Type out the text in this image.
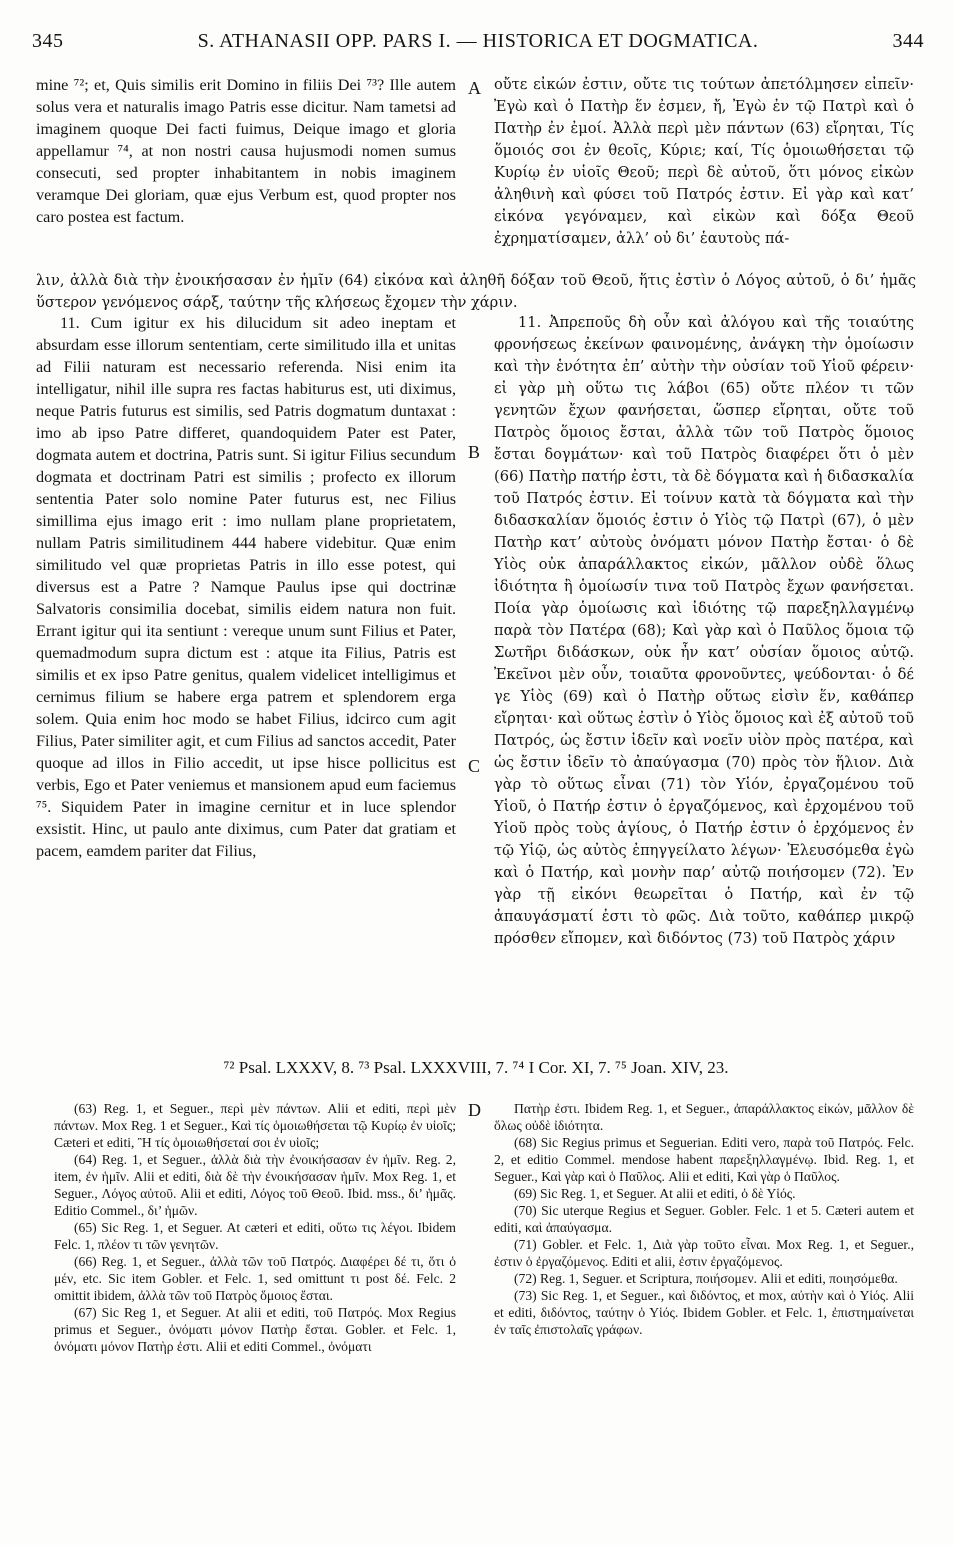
345	S. ATHANASII OPP. PARS I. — HISTORICA ET DOGMATICA.	344

mine ⁷²; et, Quis similis erit Domino in filiis Dei ⁷³? Ille autem solus vera et naturalis imago Patris esse dicitur. Nam tametsi ad imaginem quoque Dei facti fuimus, Deique imago et gloria appellamur ⁷⁴, at non nostri causa hujusmodi nomen sumus consecuti, sed propter inhabitantem in nobis imaginem veramque Dei gloriam, quæ ejus Verbum est, quod propter nos caro postea est factum.

οὔτε εἰκών ἐστιν, οὔτε τις τούτων ἀπετόλμησεν εἰπεῖν· Ἐγὼ καὶ ὁ Πατὴρ ἕν ἐσμεν, ἤ, Ἐγὼ ἐν τῷ Πατρὶ καὶ ὁ Πατὴρ ἐν ἐμοί. Ἀλλὰ περὶ μὲν πάντων (63) εἴρηται, Τίς ὅμοιός σοι ἐν θεοῖς, Κύριε; καί, Τίς ὁμοιωθήσεται τῷ Κυρίῳ ἐν υἱοῖς Θεοῦ; περὶ δὲ αὐτοῦ, ὅτι μόνος εἰκὼν ἀληθινὴ καὶ φύσει τοῦ Πατρός ἐστιν. Εἰ γὰρ καὶ κατ’ εἰκόνα γεγόναμεν, καὶ εἰκὼν καὶ δόξα Θεοῦ ἐχρηματίσαμεν, ἀλλ’ οὐ δι’ ἑαυτοὺς πά-

λιν, ἀλλὰ διὰ τὴν ἐνοικήσασαν ἐν ἡμῖν (64) εἰκόνα καὶ ἀληθῆ δόξαν τοῦ Θεοῦ, ἥτις ἐστὶν ὁ Λόγος αὐτοῦ, ὁ δι’ ἡμᾶς ὕστερον γενόμενος σάρξ, ταύτην τῆς κλήσεως ἔχομεν τὴν χάριν.

11. Cum igitur ex his dilucidum sit adeo ineptam et absurdam esse illorum sententiam, certe similitudo illa et unitas ad Filii naturam est necessario referenda. Nisi enim ita intelligatur, nihil ille supra res factas habiturus est, uti diximus, neque Patris futurus est similis, sed Patris dogmatum duntaxat : imo ab ipso Patre differet, quandoquidem Pater est Pater, dogmata autem et doctrina, Patris sunt. Si igitur Filius secundum dogmata et doctrinam Patri est similis ; profecto ex illorum sententia Pater solo nomine Pater futurus est, nec Filius simillima ejus imago erit : imo nullam plane proprietatem, nullam Patris similitudinem 444 habere videbitur. Quæ enim similitudo vel quæ proprietas Patris in illo esse potest, qui diversus est a Patre ? Namque Paulus ipse qui doctrinæ Salvatoris consimilia docebat, similis eidem natura non fuit. Errant igitur qui ita sentiunt : vereque unum sunt Filius et Pater, quemadmodum supra dictum est : atque ita Filius, Patris est similis et ex ipso Patre genitus, qualem videlicet intelligimus et cernimus filium se habere erga patrem et splendorem erga solem. Quia enim hoc modo se habet Filius, idcirco cum agit Filius, Pater similiter agit, et cum Filius ad sanctos accedit, Pater quoque ad illos in Filio accedit, ut ipse hisce pollicitus est verbis, Ego et Pater veniemus et mansionem apud eum faciemus ⁷⁵. Siquidem Pater in imagine cernitur et in luce splendor exsistit. Hinc, ut paulo ante diximus, cum Pater dat gratiam et pacem, eamdem pariter dat Filius,

11. Ἀπρεποῦς δὴ οὖν καὶ ἀλόγου καὶ τῆς τοιαύτης φρονήσεως ἐκείνων φαινομένης, ἀνάγκη τὴν ὁμοίωσιν καὶ τὴν ἑνότητα ἐπ’ αὐτὴν τὴν οὐσίαν τοῦ Υἱοῦ φέρειν· εἰ γὰρ μὴ οὕτω τις λάβοι (65) οὔτε πλέον τι τῶν γενητῶν ἔχων φανήσεται, ὥσπερ εἴρηται, οὔτε τοῦ Πατρὸς ὅμοιος ἔσται, ἀλλὰ τῶν τοῦ Πατρὸς ὅμοιος ἔσται δογμάτων· καὶ τοῦ Πατρὸς διαφέρει ὅτι ὁ μὲν (66) Πατὴρ πατήρ ἐστι, τὰ δὲ δόγματα καὶ ἡ διδασκαλία τοῦ Πατρός ἐστιν. Εἰ τοίνυν κατὰ τὰ δόγματα καὶ τὴν διδασκαλίαν ὅμοιός ἐστιν ὁ Υἱὸς τῷ Πατρὶ (67), ὁ μὲν Πατὴρ κατ’ αὐτοὺς ὀνόματι μόνον Πατὴρ ἔσται· ὁ δὲ Υἱὸς οὐκ ἀπαράλλακτος εἰκών, μᾶλλον οὐδὲ ὅλως ἰδιότητα ἢ ὁμοίωσίν τινα τοῦ Πατρὸς ἔχων φανήσεται. Ποία γὰρ ὁμοίωσις καὶ ἰδιότης τῷ παρεξηλλαγμένῳ παρὰ τὸν Πατέρα (68); Καὶ γὰρ καὶ ὁ Παῦλος ὅμοια τῷ Σωτῆρι διδάσκων, οὐκ ἦν κατ’ οὐσίαν ὅμοιος αὐτῷ. Ἐκεῖνοι μὲν οὖν, τοιαῦτα φρονοῦντες, ψεύδονται· ὁ δέ γε Υἱὸς (69) καὶ ὁ Πατὴρ οὕτως εἰσὶν ἕν, καθάπερ εἴρηται· καὶ οὕτως ἐστὶν ὁ Υἱὸς ὅμοιος καὶ ἐξ αὐτοῦ τοῦ Πατρός, ὡς ἔστιν ἰδεῖν καὶ νοεῖν υἱὸν πρὸς πατέρα, καὶ ὡς ἔστιν ἰδεῖν τὸ ἀπαύγασμα (70) πρὸς τὸν ἥλιον. Διὰ γὰρ τὸ οὕτως εἶναι (71) τὸν Υἱόν, ἐργαζομένου τοῦ Υἱοῦ, ὁ Πατήρ ἐστιν ὁ ἐργαζόμενος, καὶ ἐρχομένου τοῦ Υἱοῦ πρὸς τοὺς ἁγίους, ὁ Πατήρ ἐστιν ὁ ἐρχόμενος ἐν τῷ Υἱῷ, ὡς αὐτὸς ἐπηγγείλατο λέγων· Ἐλευσόμεθα ἐγὼ καὶ ὁ Πατήρ, καὶ μονὴν παρ’ αὐτῷ ποιήσομεν (72). Ἐν γὰρ τῇ εἰκόνι θεωρεῖται ὁ Πατήρ, καὶ ἐν τῷ ἀπαυγάσματί ἐστι τὸ φῶς. Διὰ τοῦτο, καθάπερ μικρῷ πρόσθεν εἴπομεν, καὶ διδόντος (73) τοῦ Πατρὸς χάριν

A
B
C
D
⁷² Psal. LXXXV, 8. ⁷³ Psal. LXXXVIII, 7. ⁷⁴ I Cor. XI, 7. ⁷⁵ Joan. XIV, 23.

(63) Reg. 1, et Seguer., περὶ μὲν πάντων. Alii et editi, περὶ μὲν πάντων. Mox Reg. 1 et Seguer., Καὶ τίς ὁμοιωθήσεται τῷ Κυρίῳ ἐν υἱοῖς; Cæteri et editi, Ἢ τίς ὁμοιωθήσεταί σοι ἐν υἱοῖς;

(64) Reg. 1, et Seguer., ἀλλὰ διὰ τὴν ἐνοικήσασαν ἐν ἡμῖν. Reg. 2, item, ἐν ἡμῖν. Alii et editi, διὰ δὲ τὴν ἐνοικήσασαν ἡμῖν. Mox Reg. 1, et Seguer., Λόγος αὐτοῦ. Alii et editi, Λόγος τοῦ Θεοῦ. Ibid. mss., δι’ ἡμᾶς. Editio Commel., δι’ ἡμῶν.

(65) Sic Reg. 1, et Seguer. At cæteri et editi, οὕτω τις λέγοι. Ibidem Felc. 1, πλέον τι τῶν γενητῶν.

(66) Reg. 1, et Seguer., ἀλλὰ τῶν τοῦ Πατρός. Διαφέρει δέ τι, ὅτι ὁ μέν, etc. Sic item Gobler. et Felc. 1, sed omittunt τι post δέ. Felc. 2 omittit ibidem, ἀλλὰ τῶν τοῦ Πατρὸς ὅμοιος ἔσται.

(67) Sic Reg 1, et Seguer. At alii et editi, τοῦ Πατρός. Mox Regius primus et Seguer., ὀνόματι μόνον Πατὴρ ἔσται. Gobler. et Felc. 1, ὀνόματι μόνον Πατὴρ ἐστι. Alii et editi Commel., ὀνόματι

Πατὴρ ἐστι. Ibidem Reg. 1, et Seguer., ἀπαράλλακτος εἰκών, μᾶλλον δὲ ὅλως οὐδὲ ἰδιότητα.

(68) Sic Regius primus et Seguerian. Editi vero, παρὰ τοῦ Πατρός. Felc. 2, et editio Commel. mendose habent παρεξηλλαγμένῳ. Ibid. Reg. 1, et Seguer., Καὶ γὰρ καὶ ὁ Παῦλος. Alii et editi, Καὶ γὰρ ὁ Παῦλος.

(69) Sic Reg. 1, et Seguer. At alii et editi, ὁ δὲ Υἱός.

(70) Sic uterque Regius et Seguer. Gobler. Felc. 1 et 5. Cæteri autem et editi, καὶ ἀπαύγασμα.

(71) Gobler. et Felc. 1, Διὰ γὰρ τοῦτο εἶναι. Mox Reg. 1, et Seguer., ἐστιν ὁ ἐργαζόμενος. Editi et alii, ἐστιν ἐργαζόμενος.

(72) Reg. 1, Seguer. et Scriptura, ποιήσομεν. Alii et editi, ποιησόμεθα.

(73) Sic Reg. 1, et Seguer., καὶ διδόντος, et mox, αὐτὴν καὶ ὁ Υἱός. Alii et editi, διδόντος, ταύτην ὁ Υἱός. Ibidem Gobler. et Felc. 1, ἐπιστημαίνεται ἐν ταῖς ἐπιστολαῖς γράφων.
